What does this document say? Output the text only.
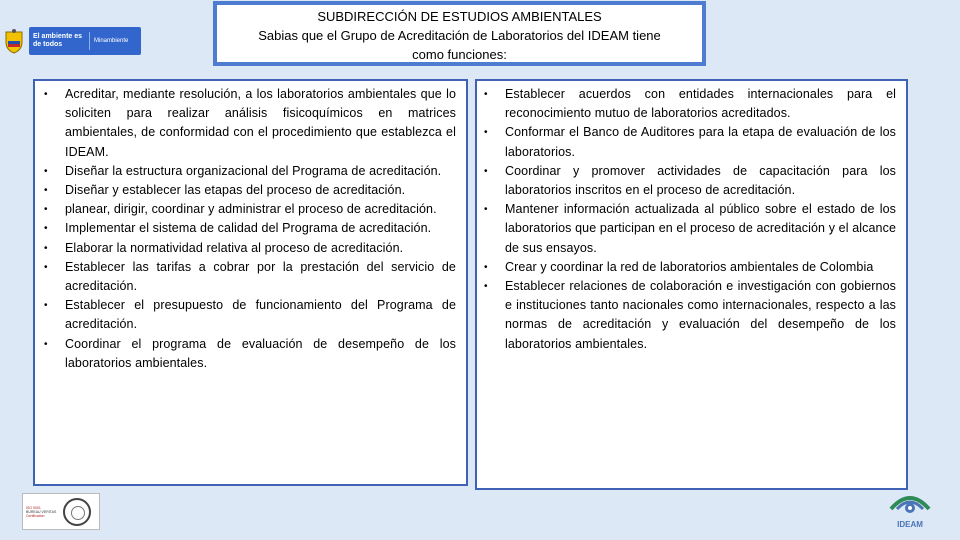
El ambiente es de todos	Minambiente
SUBDIRECCIÓN DE ESTUDIOS AMBIENTALES
Sabias que el Grupo de Acreditación de Laboratorios del IDEAM tiene
como funciones:
• Acreditar, mediante resolución, a los laboratorios ambientales que lo soliciten para realizar análisis fisicoquímicos en matrices ambientales, de conformidad con el procedimiento que establezca el IDEAM.
• Diseñar la estructura organizacional del Programa de acreditación.
• Diseñar y establecer las etapas del proceso de acreditación.
• planear, dirigir, coordinar y administrar el proceso de acreditación.
• Implementar el sistema de calidad del Programa de acreditación.
• Elaborar la normatividad relativa al proceso de acreditación.
• Establecer las tarifas a cobrar por la prestación del servicio de acreditación.
• Establecer el presupuesto de funcionamiento del Programa de acreditación.
• Coordinar el programa de evaluación de desempeño de los laboratorios ambientales.
• Establecer acuerdos con entidades internacionales para el reconocimiento mutuo de laboratorios acreditados.
• Conformar el Banco de Auditores para la etapa de evaluación de los laboratorios.
• Coordinar y promover actividades de capacitación para los laboratorios inscritos en el proceso de acreditación.
• Mantener información actualizada al público sobre el estado de los laboratorios que participan en el proceso de acreditación y el alcance de sus ensayos.
• Crear y coordinar la red de laboratorios ambientales de Colombia
• Establecer relaciones de colaboración e investigación con gobiernos e instituciones tanto nacionales como internacionales, respecto a las normas de acreditación y evaluación del desempeño de los laboratorios ambientales.
ISO 9001
BUREAU VERITAS
Certification
IDEAM
